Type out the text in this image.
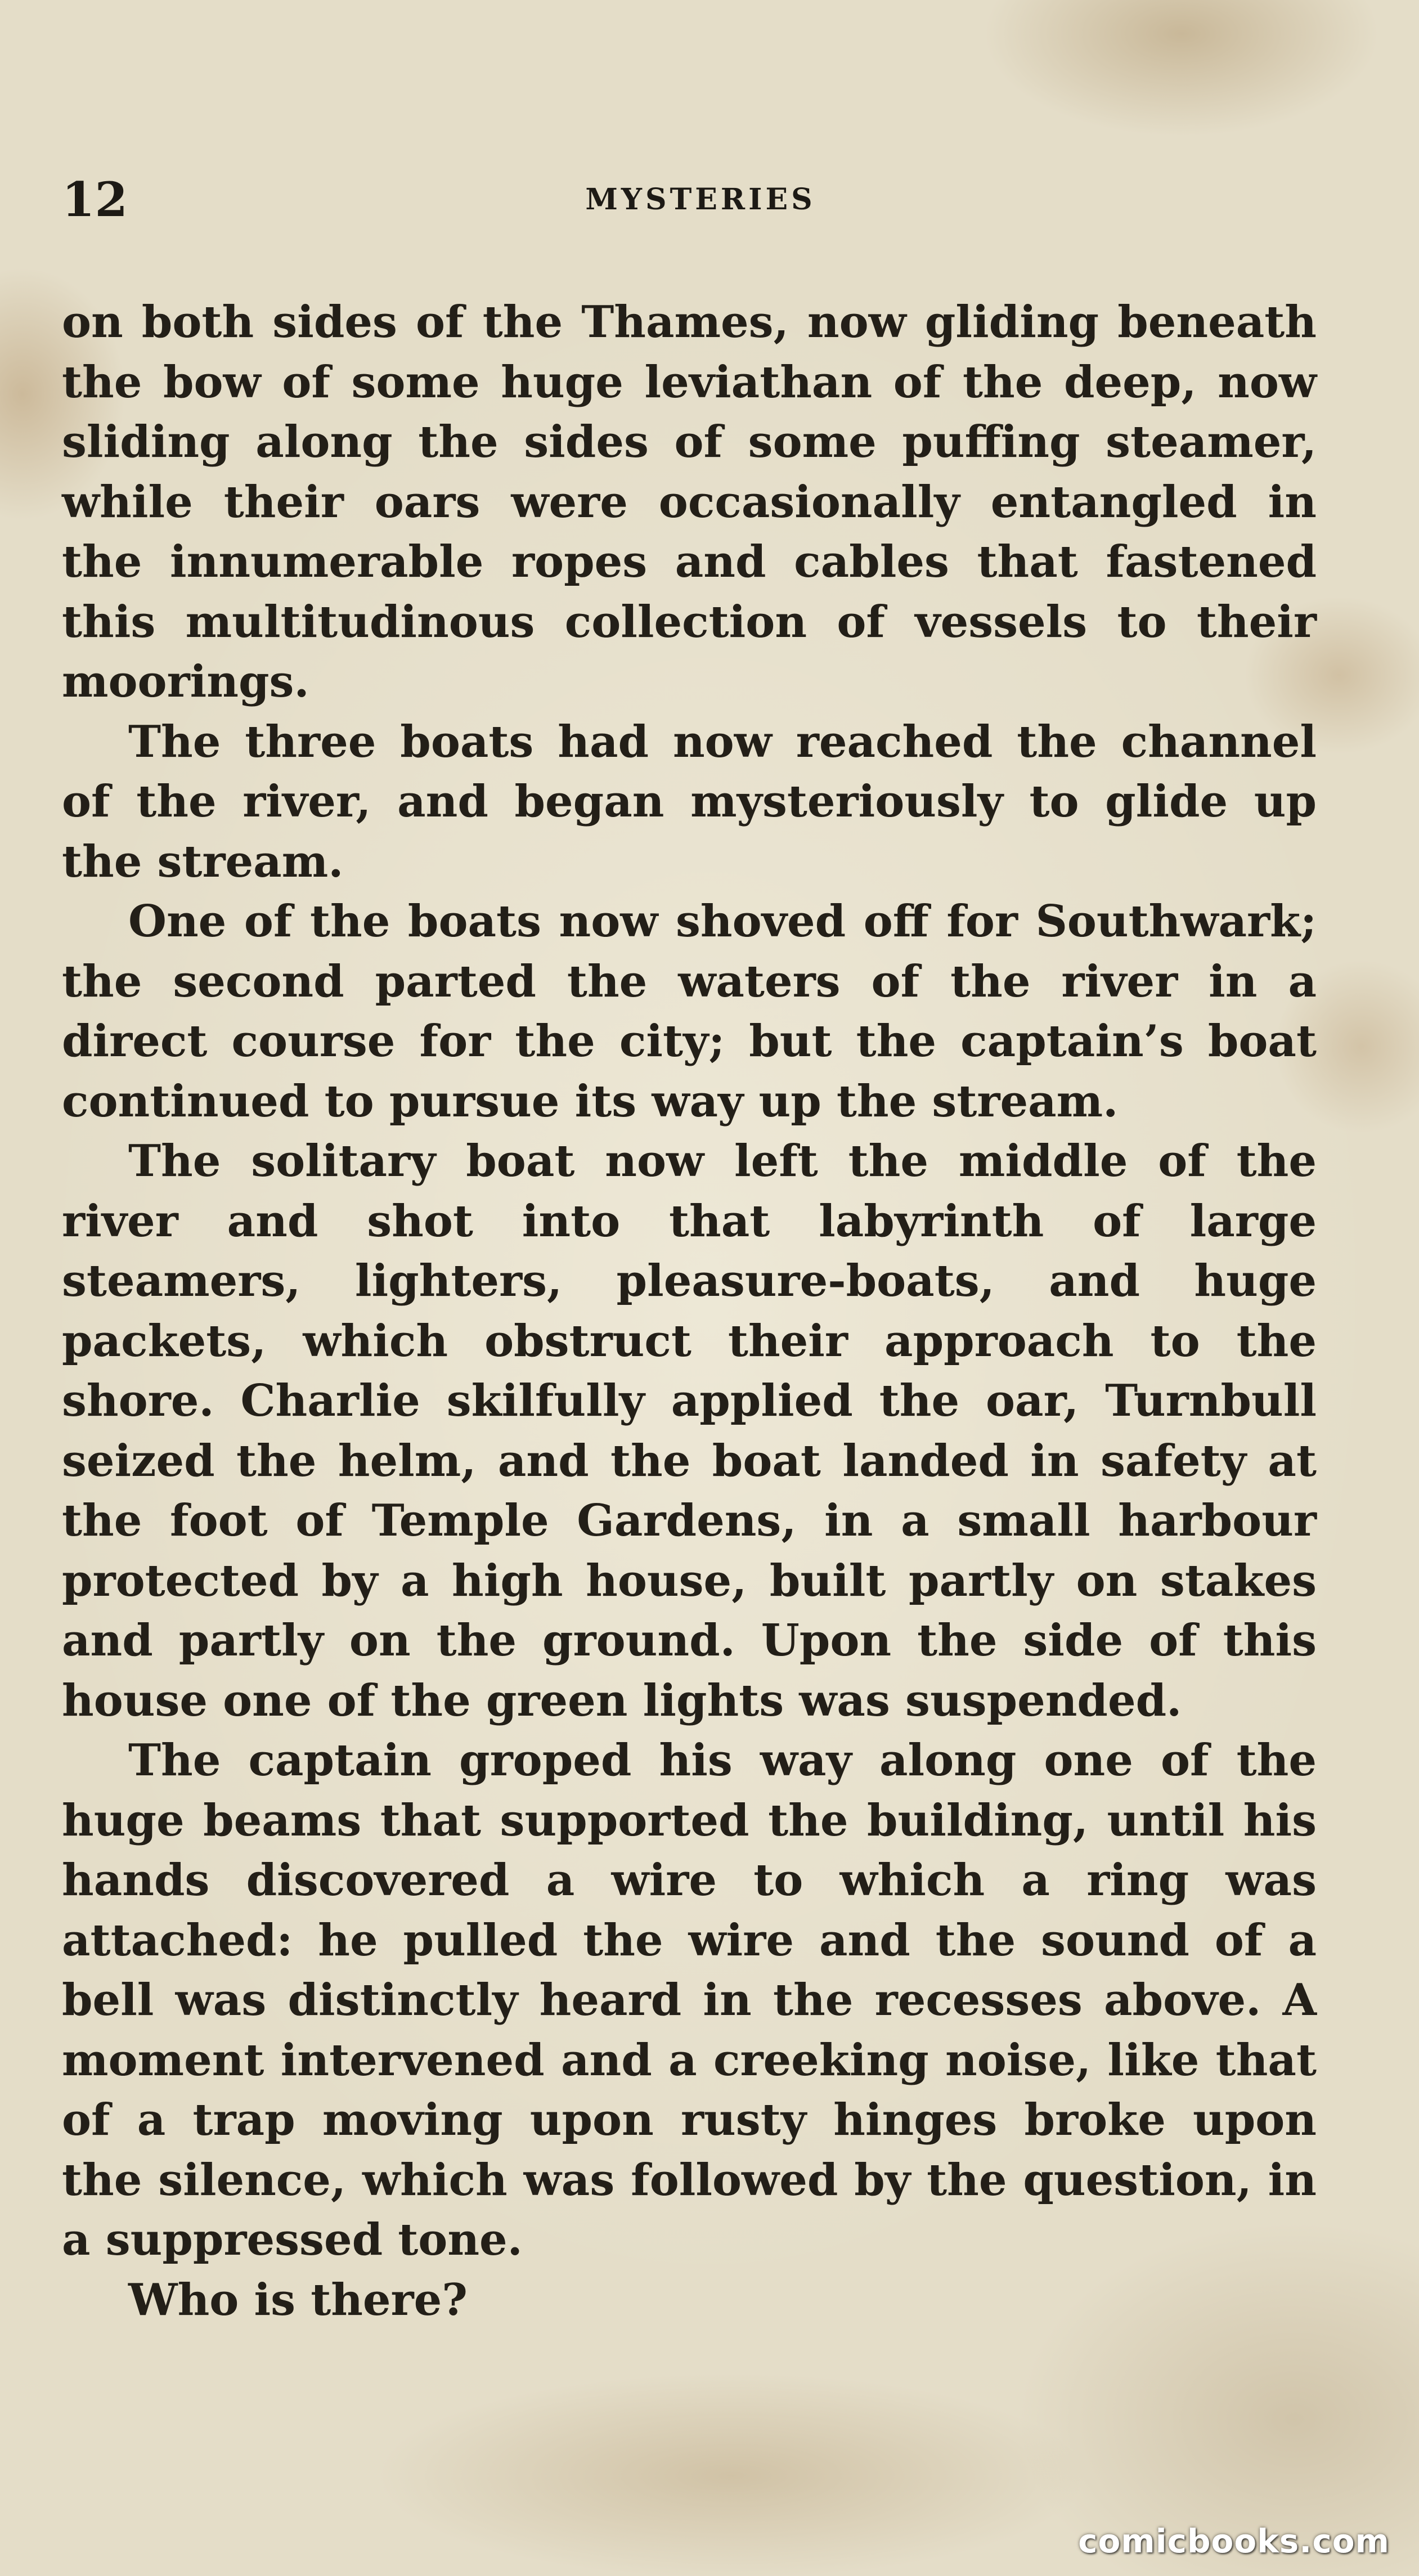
12	MYSTERIES

on both sides of the Thames, now gliding beneath the bow of some huge leviathan of the deep, now sliding along the sides of some puffing steamer, while their oars were occasionally entangled in the innumerable ropes and cables that fastened this multitudinous collection of vessels to their moorings.

The three boats had now reached the channel of the river, and began mysteriously to glide up the stream.

One of the boats now shoved off for Southwark; the second parted the waters of the river in a direct course for the city; but the captain’s boat continued to pursue its way up the stream.

The solitary boat now left the middle of the river and shot into that labyrinth of large steamers, lighters, pleasure-boats, and huge packets, which obstruct their approach to the shore. Charlie skilfully applied the oar, Turnbull seized the helm, and the boat landed in safety at the foot of Temple Gardens, in a small harbour protected by a high house, built partly on stakes and partly on the ground. Upon the side of this house one of the green lights was suspended.

The captain groped his way along one of the huge beams that supported the building, until his hands discovered a wire to which a ring was attached: he pulled the wire and the sound of a bell was distinctly heard in the recesses above. A moment intervened and a creeking noise, like that of a trap moving upon rusty hinges broke upon the silence, which was followed by the question, in a suppressed tone.

Who is there?

comicbooks.com
